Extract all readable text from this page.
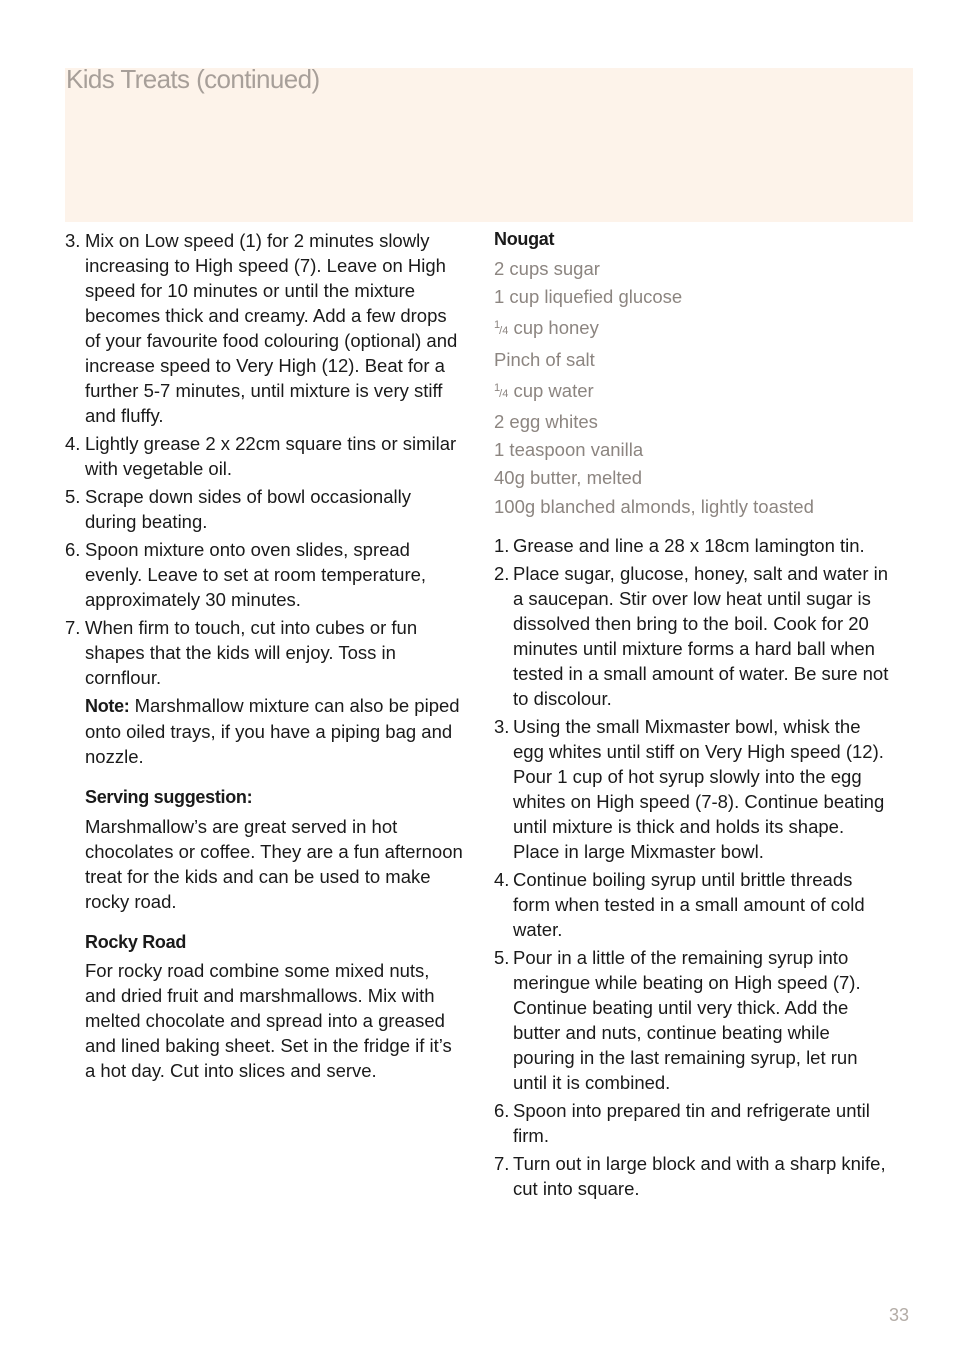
Kids Treats (continued)
3. Mix on Low speed (1) for 2 minutes slowly increasing to High speed (7). Leave on High speed for 10 minutes or until the mixture becomes thick and creamy. Add a few drops of your favourite food colouring (optional) and increase speed to Very High (12). Beat for a further 5-7 minutes, until mixture is very stiff and fluffy.
4. Lightly grease 2 x 22cm square tins or similar with vegetable oil.
5. Scrape down sides of bowl occasionally during beating.
6. Spoon mixture onto oven slides, spread evenly. Leave to set at room temperature, approximately 30 minutes.
7. When firm to touch, cut into cubes or fun shapes that the kids will enjoy. Toss in cornflour.
Note: Marshmallow mixture can also be piped onto oiled trays, if you have a piping bag and nozzle.
Serving suggestion:
Marshmallow’s are great served in hot chocolates or coffee. They are a fun afternoon treat for the kids and can be used to make rocky road.
Rocky Road
For rocky road combine some mixed nuts, and dried fruit and marshmallows. Mix with melted chocolate and spread into a greased and lined baking sheet. Set in the fridge if it’s a hot day. Cut into slices and serve.
Nougat
2 cups sugar
1 cup liquefied glucose
$^1$/4 cup honey
Pinch of salt
$^1$/4 cup water
2 egg whites
1 teaspoon vanilla
40g butter, melted
100g blanched almonds, lightly toasted
1. Grease and line a 28 x 18cm lamington tin.
2. Place sugar, glucose, honey, salt and water in a saucepan. Stir over low heat until sugar is dissolved then bring to the boil. Cook for 20 minutes until mixture forms a hard ball when tested in a small amount of water. Be sure not to discolour.
3. Using the small Mixmaster bowl, whisk the egg whites until stiff on Very High speed (12). Pour 1 cup of hot syrup slowly into the egg whites on High speed (7-8). Continue beating until mixture is thick and holds its shape. Place in large Mixmaster bowl.
4. Continue boiling syrup until brittle threads form when tested in a small amount of cold water.
5. Pour in a little of the remaining syrup into meringue while beating on High speed (7). Continue beating until very thick. Add the butter and nuts, continue beating while pouring in the last remaining syrup, let run until it is combined.
6. Spoon into prepared tin and refrigerate until firm.
7. Turn out in large block and with a sharp knife, cut into square.
33
